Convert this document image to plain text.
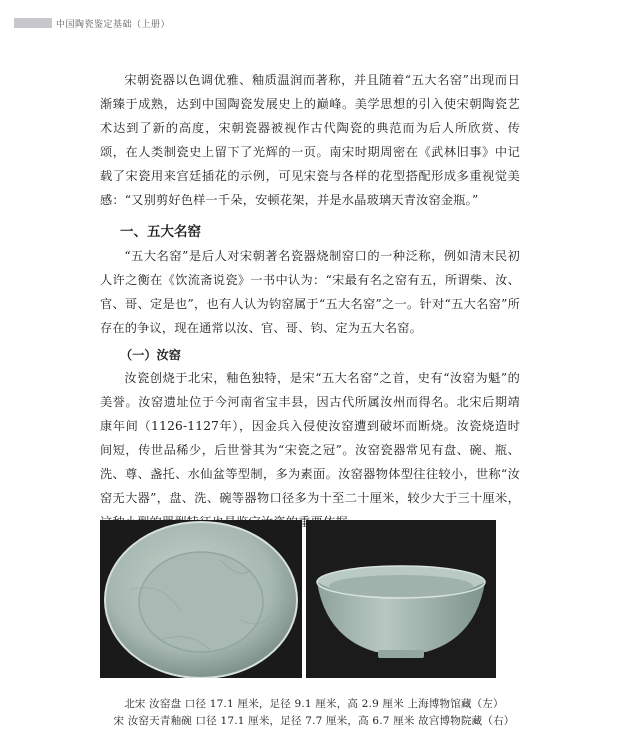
中国陶瓷鉴定基础（上册）

宋朝瓷器以色调优雅、釉质温润而著称，并且随着“五大名窑”出现而日渐臻于成熟，达到中国陶瓷发展史上的巅峰。美学思想的引入使宋朝陶瓷艺术达到了新的高度，宋朝瓷器被视作古代陶瓷的典范而为后人所欣赏、传颂，在人类制瓷史上留下了光辉的一页。南宋时期周密在《武林旧事》中记载了宋瓷用来宫廷插花的示例，可见宋瓷与各样的花型搭配形成多重视觉美感：“又别剪好色样一千朵，安顿花架，并是水晶玻璃天青汝窑金瓶。”

一、五大名窑

“五大名窑”是后人对宋朝著名瓷器烧制窑口的一种泛称，例如清末民初人许之衡在《饮流斋说瓷》一书中认为：“宋最有名之窑有五，所谓柴、汝、官、哥、定是也”，也有人认为钧窑属于“五大名窑”之一。针对“五大名窑”所存在的争议，现在通常以汝、官、哥、钧、定为五大名窑。

（一）汝窑

汝瓷创烧于北宋，釉色独特，是宋“五大名窑”之首，史有“汝窑为魁”的美誉。汝窑遗址位于今河南省宝丰县，因古代所属汝州而得名。北宋后期靖康年间（1126-1127年），因金兵入侵使汝窑遭到破坏而断烧。汝瓷烧造时间短，传世品稀少，后世誉其为“宋瓷之冠”。汝窑瓷器常见有盘、碗、瓶、洗、尊、盏托、水仙盆等型制，多为素面。汝窑器物体型往往较小，世称“汝窑无大器”，盘、洗、碗等器物口径多为十至二十厘米，较少大于三十厘米， 重

北宋 汝窑盘 口径 17.1 厘米，足径 9.1 厘米，高 2.9 厘米 上海博物馆藏（左）
宋 汝窑天青釉碗 口径 17.1 厘米，足径 7.7 厘米，高 6.7 厘米 故宫博物院藏（右）
